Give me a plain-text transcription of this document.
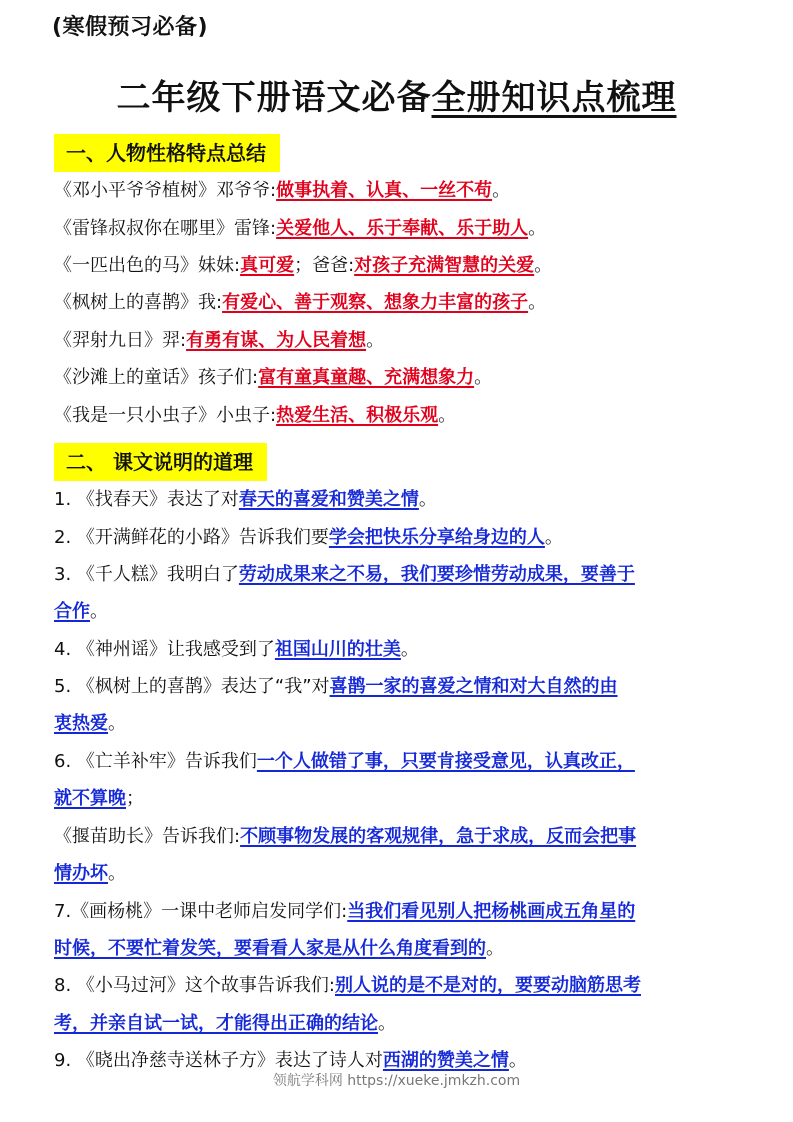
(寒假预习必备)
二年级下册语文必备全册知识点梳理
一、人物性格特点总结
《邓小平爷爷植树》邓爷爷:做事执着、认真、一丝不苟。
《雷锋叔叔你在哪里》雷锋:关爱他人、乐于奉献、乐于助人。
《一匹出色的马》妹妹:真可爱；爸爸:对孩子充满智慧的关爱。
《枫树上的喜鹊》我:有爱心、善于观察、想象力丰富的孩子。
《羿射九日》羿:有勇有谋、为人民着想。
《沙滩上的童话》孩子们:富有童真童趣、充满想象力。
《我是一只小虫子》小虫子:热爱生活、积极乐观。
二、 课文说明的道理
1. 《找春天》表达了对春天的喜爱和赞美之情。
2. 《开满鲜花的小路》告诉我们要学会把快乐分享给身边的人。
3. 《千人糕》我明白了劳动成果来之不易，我们要珍惜劳动成果，要善于
合作。
4. 《神州谣》让我感受到了祖国山川的壮美。
5. 《枫树上的喜鹊》表达了“我”对喜鹊一家的喜爱之情和对大自然的由
衷热爱。
6. 《亡羊补牢》告诉我们一个人做错了事，只要肯接受意见，认真改正，
就不算晚；
《揠苗助长》告诉我们:不顾事物发展的客观规律，急于求成，反而会把事
情办坏。
7.《画杨桃》一课中老师启发同学们:当我们看见别人把杨桃画成五角星的
时候，不要忙着发笑，要看看人家是从什么角度看到的。
8. 《小马过河》这个故事告诉我们:别人说的是不是对的，要要动脑筋思考
考，并亲自试一试，才能得出正确的结论。
9. 《晓出净慈寺送林子方》表达了诗人对西湖的赞美之情。
领航学科网 https://xueke.jmkzh.com
